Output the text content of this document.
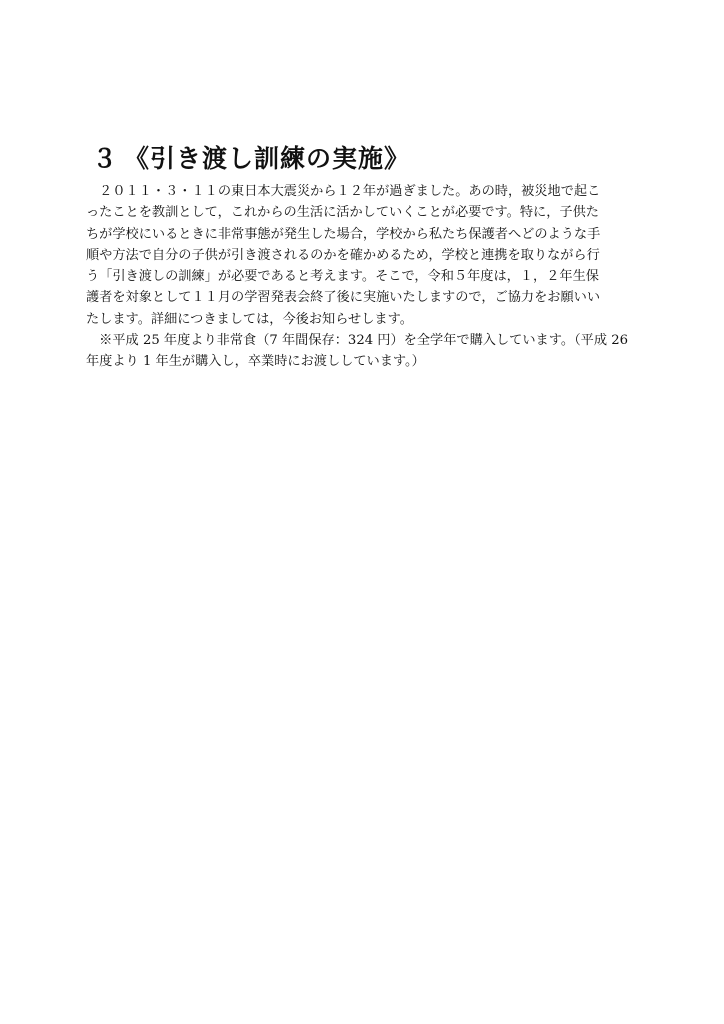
３ 《引き渡し訓練の実施》
　２０１１・３・１１の東日本大震災から１２年が過ぎました。あの時，被災地で起こ
ったことを教訓として，これからの生活に活かしていくことが必要です。特に，子供た
ちが学校にいるときに非常事態が発生した場合，学校から私たち保護者へどのような手
順や方法で自分の子供が引き渡されるのかを確かめるため，学校と連携を取りながら行
う「引き渡しの訓練」が必要であると考えます。そこで，令和５年度は，１，２年生保
護者を対象として１１月の学習発表会終了後に実施いたしますので，ご協力をお願いい
たします。詳細につきましては，今後お知らせします。
　※平成 25 年度より非常食（7 年間保存：324 円）を全学年で購入しています。（平成 26
年度より 1 年生が購入し，卒業時にお渡ししています。）
